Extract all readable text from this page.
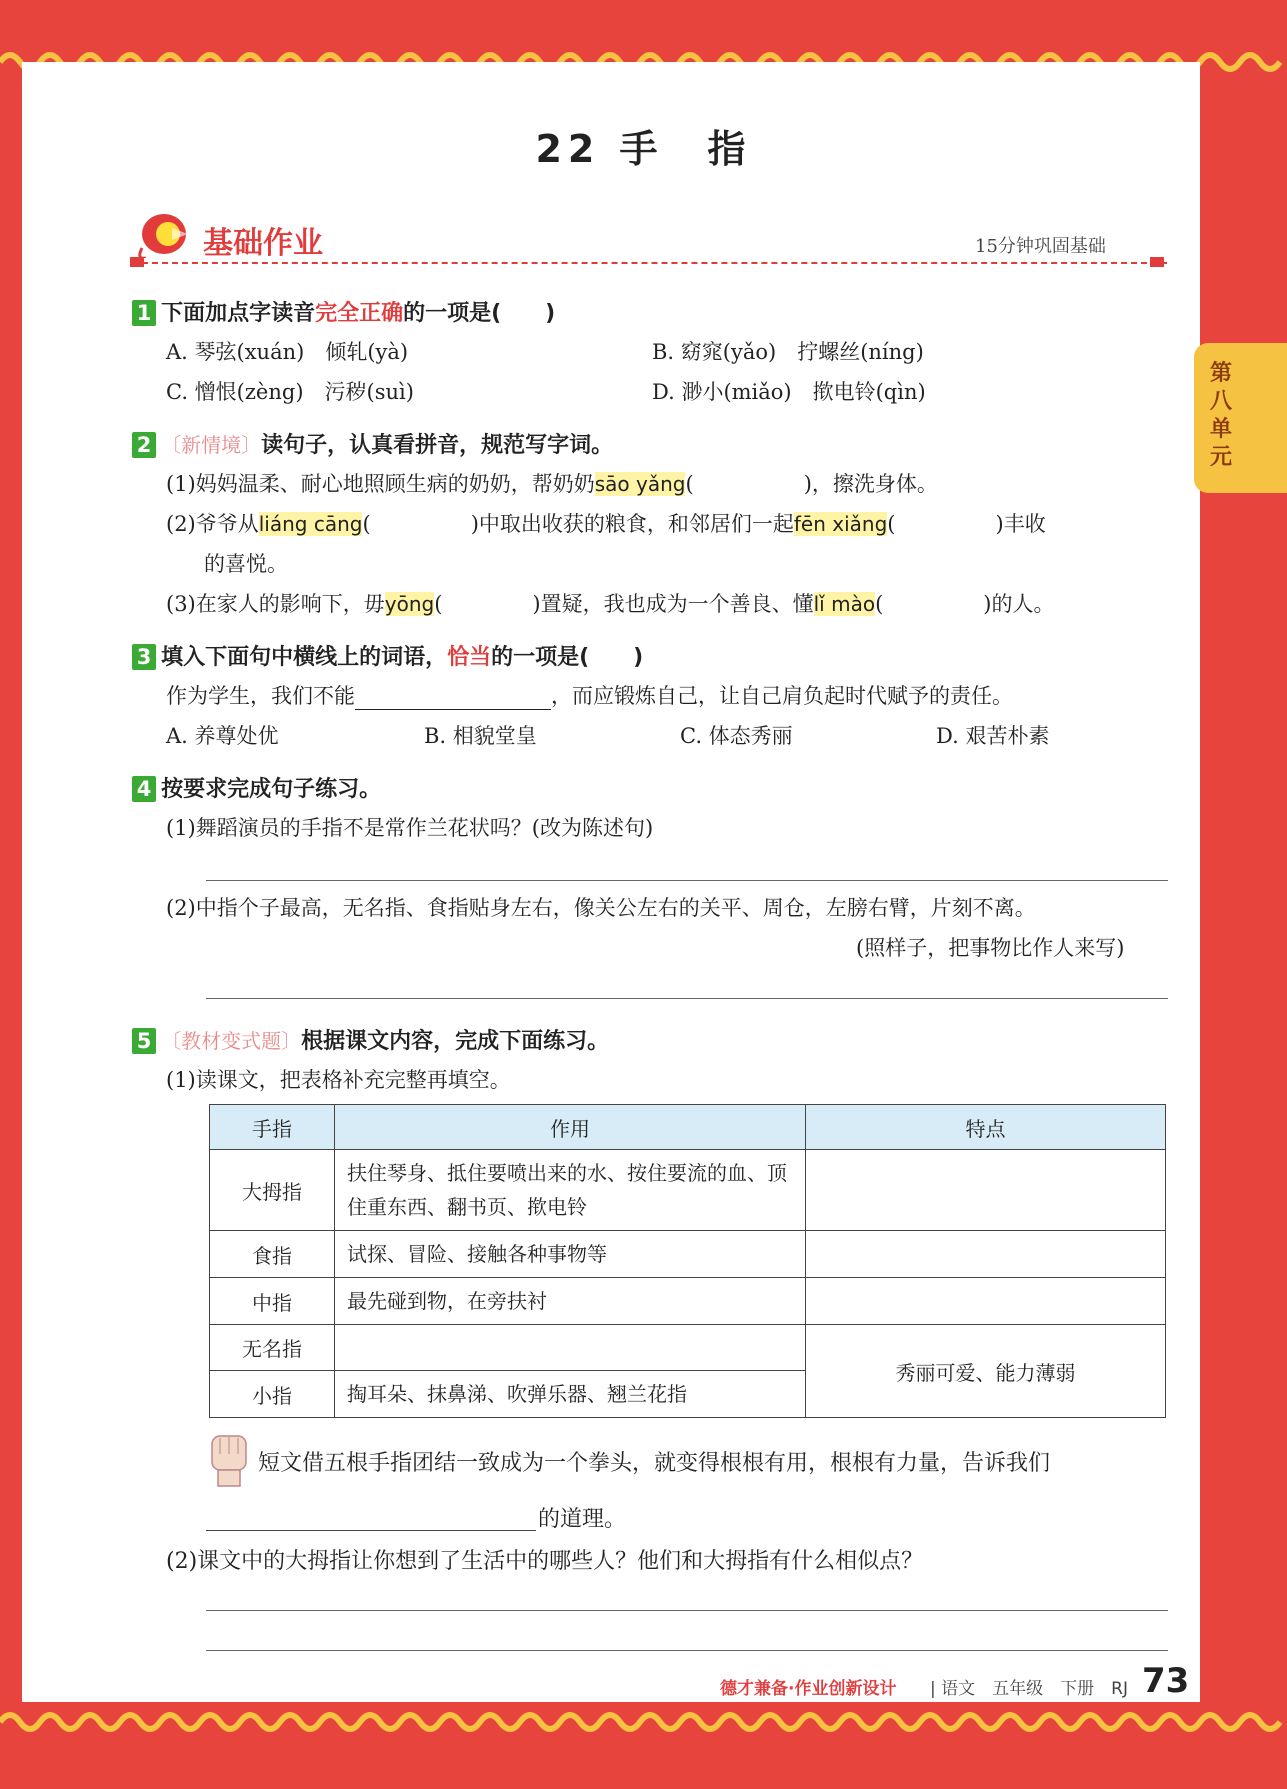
第
八
单
元
22 手　指
基础作业	15分钟巩固基础
1 下面加点字读音完全正确的一项是(　　)
A. 琴弦(xuán)　倾轧(yà)	B. 窈窕(yǎo)　拧螺丝(níng)
C. 憎恨(zèng)　污秽(suì)	D. 渺小(miǎo)　揿电铃(qìn)
2 〔新情境〕读句子，认真看拼音，规范写字词。
(1)妈妈温柔、耐心地照顾生病的奶奶，帮奶奶sāo yǎng(	)，擦洗身体。
(2)爷爷从liáng cāng(	)中取出收获的粮食，和邻居们一起fēn xiǎng(	)丰收
的喜悦。
(3)在家人的影响下，毋yōng(	)置疑，我也成为一个善良、懂lǐ mào(	)的人。
3 填入下面句中横线上的词语，恰当的一项是(　　)
作为学生，我们不能	，而应锻炼自己，让自己肩负起时代赋予的责任。
A. 养尊处优	B. 相貌堂皇	C. 体态秀丽	D. 艰苦朴素
4 按要求完成句子练习。
(1)舞蹈演员的手指不是常作兰花状吗？(改为陈述句)
(2)中指个子最高，无名指、食指贴身左右，像关公左右的关平、周仓，左膀右臂，片刻不离。
(照样子，把事物比作人来写)
5 〔教材变式题〕根据课文内容，完成下面练习。
(1)读课文，把表格补充完整再填空。
手指	作用	特点
大拇指	扶住琴身、抵住要喷出来的水、按住要流的血、顶住重东西、翻书页、揿电铃	
食指	试探、冒险、接触各种事物等	
中指	最先碰到物，在旁扶衬	
无名指		秀丽可爱、能力薄弱
小指	掏耳朵、抹鼻涕、吹弹乐器、翘兰花指	
短文借五根手指团结一致成为一个拳头，就变得根根有用，根根有力量，告诉我们
的道理。
(2)课文中的大拇指让你想到了生活中的哪些人？他们和大拇指有什么相似点？
德才兼备·作业创新设计 | 语文　五年级　下册　RJ 73
